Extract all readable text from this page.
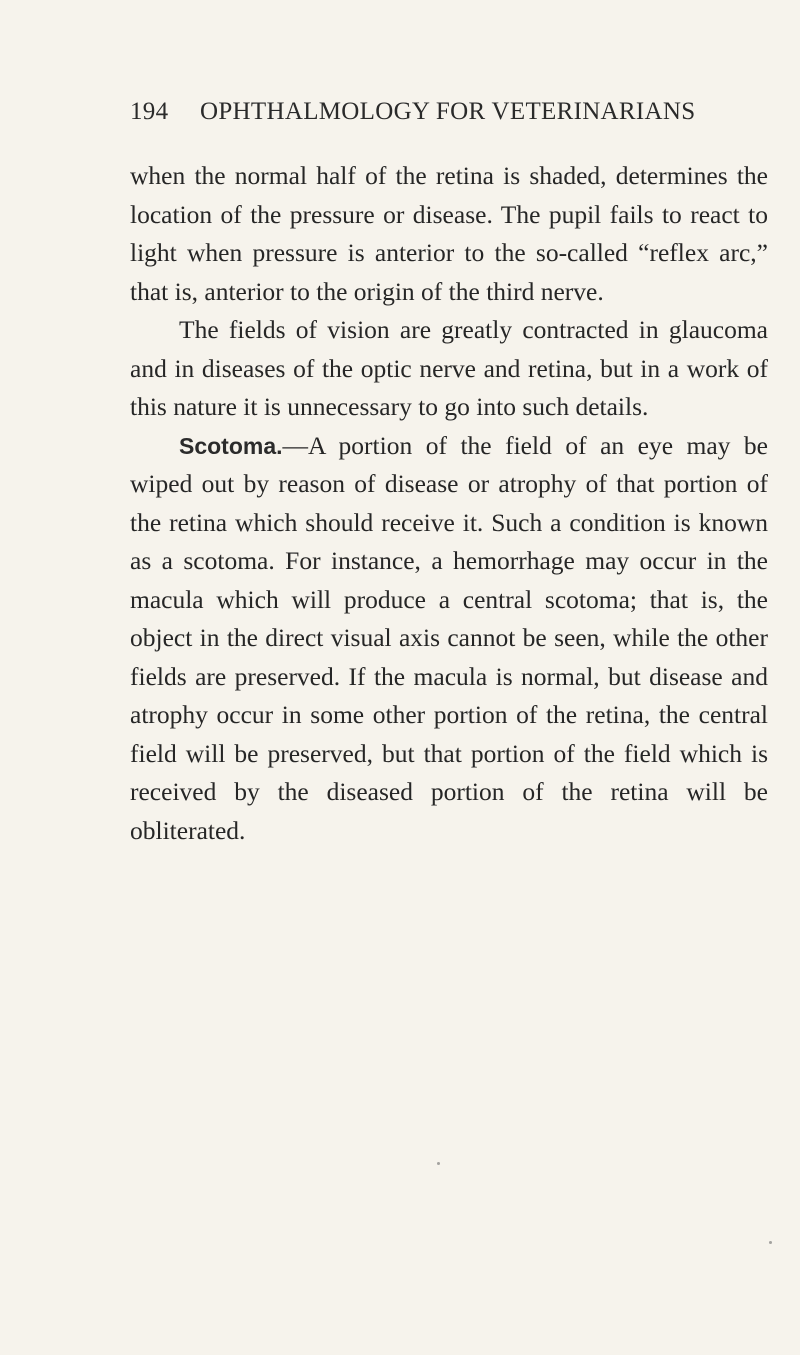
194 OPHTHALMOLOGY FOR VETERINARIANS

when the normal half of the retina is shaded, determines the location of the pressure or disease. The pupil fails to react to light when pressure is anterior to the so-called “reflex arc,” that is, anterior to the origin of the third nerve.

The fields of vision are greatly contracted in glaucoma and in diseases of the optic nerve and retina, but in a work of this nature it is unnecessary to go into such details.

Scotoma.—A portion of the field of an eye may be wiped out by reason of disease or atrophy of that portion of the retina which should receive it. Such a condition is known as a scotoma. For instance, a hemorrhage may occur in the macula which will produce a central scotoma; that is, the object in the direct visual axis cannot be seen, while the other fields are preserved. If the macula is normal, but disease and atrophy occur in some other portion of the retina, the central field will be preserved, but that portion of the field which is received by the diseased portion of the retina will be obliterated.
